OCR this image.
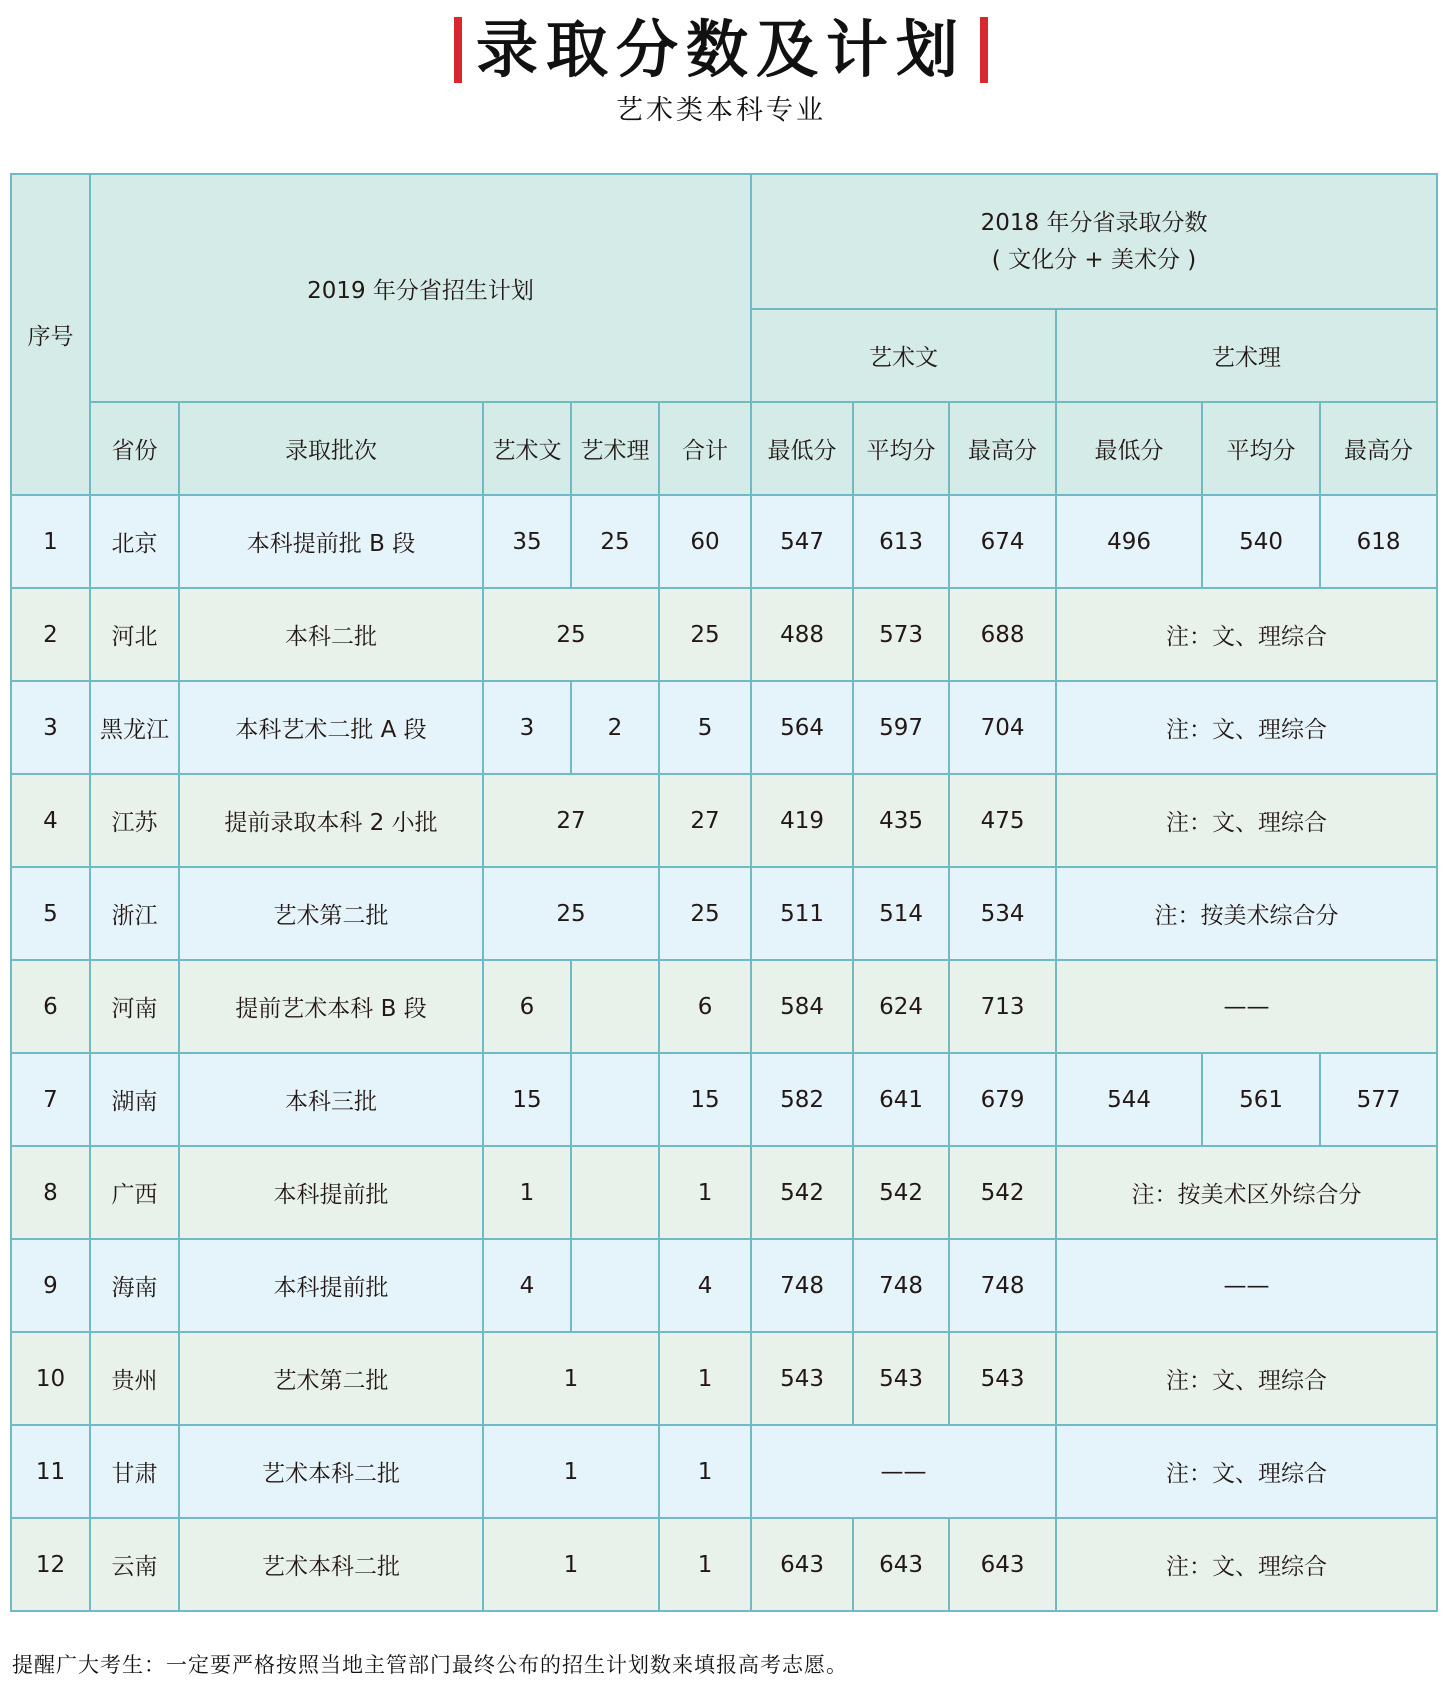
录取分数及计划
艺术类本科专业
序号	2019 年分省招生计划					2018 年分省录取分数
( 文化分 + 美术分 )					

						艺术文			艺术理		
	省份	录取批次	艺术文	艺术理	合计	最低分	平均分	最高分	最低分	平均分	最高分
1	北京	本科提前批 B 段	35	25	60	547	613	674	496	540	618
2	河北	本科二批	25		25	488	573	688	注：文、理综合		
3	黑龙江	本科艺术二批 A 段	3	2	5	564	597	704	注：文、理综合		
4	江苏	提前录取本科 2 小批	27		27	419	435	475	注：文、理综合		
5	浙江	艺术第二批	25		25	511	514	534	注：按美术综合分		
6	河南	提前艺术本科 B 段	6		6	584	624	713	——		
7	湖南	本科三批	15		15	582	641	679	544	561	577
8	广西	本科提前批	1		1	542	542	542	注：按美术区外综合分		
9	海南	本科提前批	4		4	748	748	748	——		
10	贵州	艺术第二批	1		1	543	543	543	注：文、理综合		
11	甘肃	艺术本科二批	1		1	——			注：文、理综合		
12	云南	艺术本科二批	1		1	643	643	643	注：文、理综合		
提醒广大考生：一定要严格按照当地主管部门最终公布的招生计划数来填报高考志愿。
